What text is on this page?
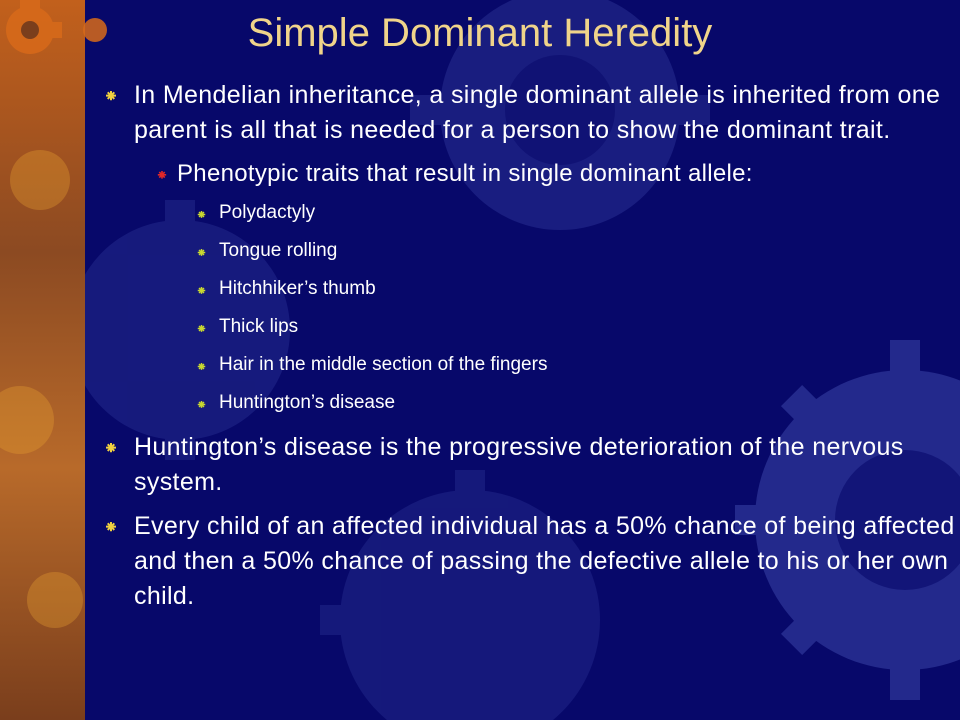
Simple Dominant Heredity
In Mendelian inheritance, a single dominant allele is inherited from one parent is all that is needed for a person to show the dominant trait.
Phenotypic traits that result in single dominant allele:
Polydactyly
Tongue rolling
Hitchhiker’s thumb
Thick lips
Hair in the middle section of the fingers
Huntington’s disease
Huntington’s disease is the progressive deterioration of the nervous system.
Every child of an affected individual has a 50% chance of being affected and then a 50% chance of passing the defective allele to his or her own child.
